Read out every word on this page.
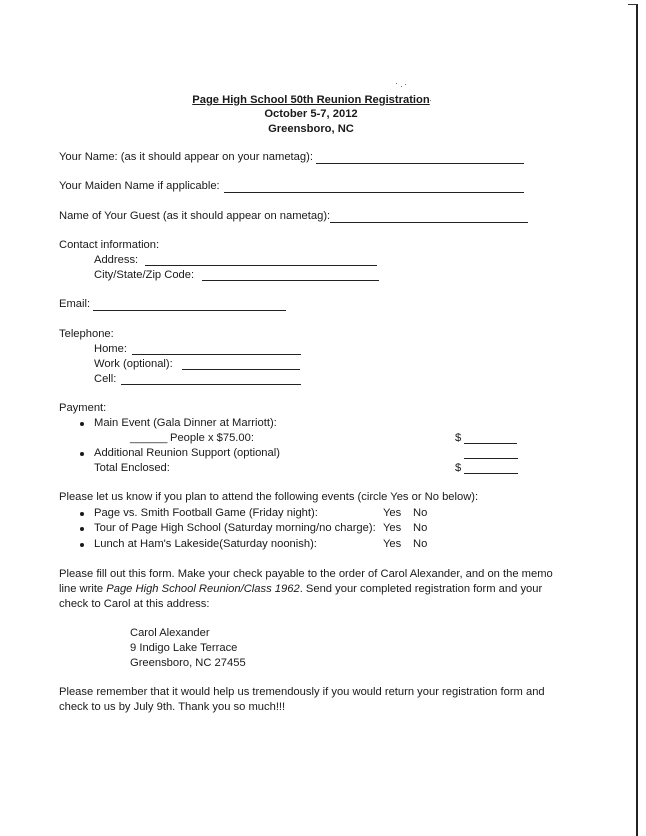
Page High School 50th Reunion Registration
October 5-7, 2012
Greensboro, NC
Your Name: (as it should appear on your nametag):
Your Maiden Name if applicable:
Name of Your Guest (as it should appear on nametag):
Contact information:
Address:
City/State/Zip Code:
Email:
Telephone:
Home:
Work (optional):
Cell:
Payment:
Main Event (Gala Dinner at Marriott):
______ People x $75.00:	$
Additional Reunion Support (optional)
Total Enclosed:	$
Please let us know if you plan to attend the following events (circle Yes or No below):
Page vs. Smith Football Game (Friday night):	Yes No
Tour of Page High School (Saturday morning/no charge): Yes No
Lunch at Ham's Lakeside(Saturday noonish):	Yes No
Please fill out this form. Make your check payable to the order of Carol Alexander, and on the memo
line write Page High School Reunion/Class 1962. Send your completed registration form and your
check to Carol at this address:
Carol Alexander
9 Indigo Lake Terrace
Greensboro, NC 27455
Please remember that it would help us tremendously if you would return your registration form and
check to us by July 9th. Thank you so much!!!
